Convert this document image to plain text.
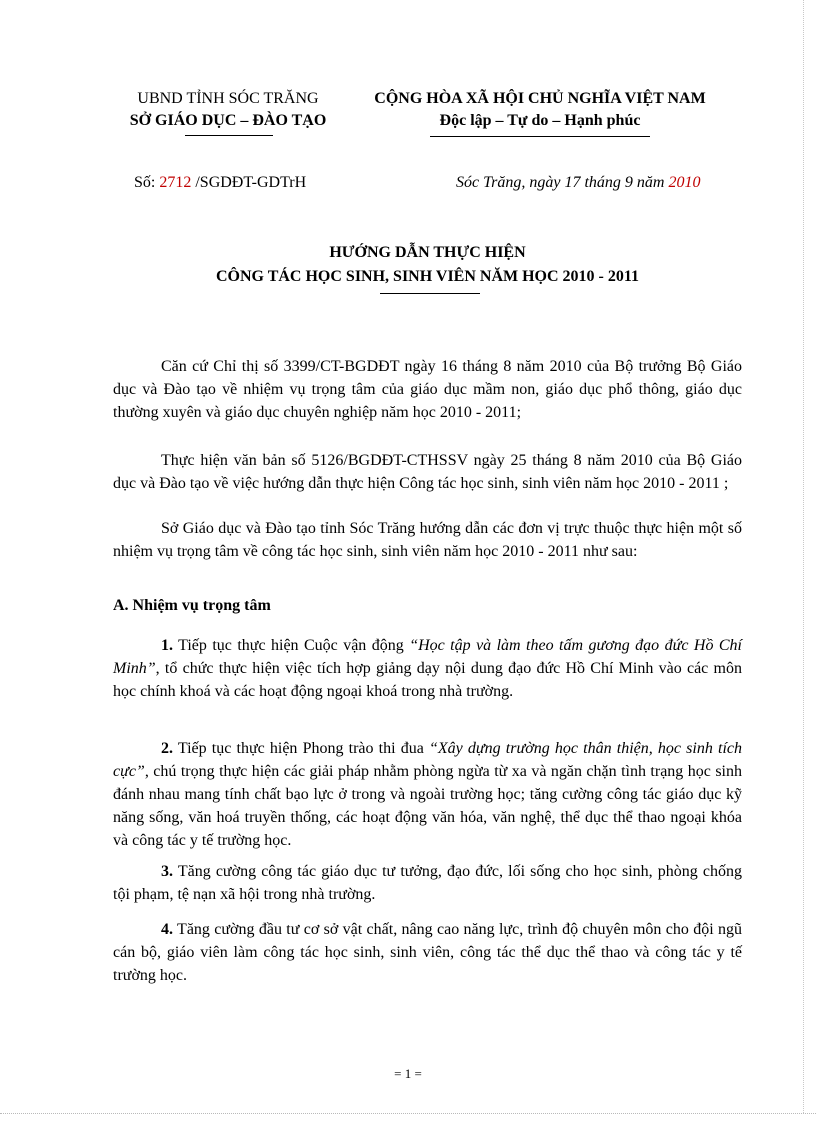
UBND TỈNH SÓC TRĂNG
SỞ GIÁO DỤC – ĐÀO TẠO
CỘNG HÒA XÃ HỘI CHỦ NGHĨA VIỆT NAM
Độc lập – Tự do – Hạnh phúc
Số: 2712 /SGDĐT-GDTrH	Sóc Trăng, ngày 17 tháng 9 năm 2010
HƯỚNG DẪN THỰC HIỆN
CÔNG TÁC HỌC SINH, SINH VIÊN NĂM HỌC 2010 - 2011
Căn cứ Chỉ thị số 3399/CT-BGDĐT ngày 16 tháng 8 năm 2010 của Bộ trưởng Bộ Giáo dục và Đào tạo về nhiệm vụ trọng tâm của giáo dục mầm non, giáo dục phổ thông, giáo dục thường xuyên và giáo dục chuyên nghiệp năm học 2010 - 2011;
Thực hiện văn bản số 5126/BGDĐT-CTHSSV ngày 25 tháng 8 năm 2010 của Bộ Giáo dục và Đào tạo về việc hướng dẫn thực hiện Công tác học sinh, sinh viên năm học 2010 - 2011 ;
Sở Giáo dục và Đào tạo tỉnh Sóc Trăng hướng dẫn các đơn vị trực thuộc thực hiện một số nhiệm vụ trọng tâm về công tác học sinh, sinh viên năm học 2010 - 2011 như sau:
A. Nhiệm vụ trọng tâm
1. Tiếp tục thực hiện Cuộc vận động “Học tập và làm theo tấm gương đạo đức Hồ Chí Minh”, tổ chức thực hiện việc tích hợp giảng dạy nội dung đạo đức Hồ Chí Minh vào các môn học chính khoá và các hoạt động ngoại khoá trong nhà trường.
2. Tiếp tục thực hiện Phong trào thi đua “Xây dựng trường học thân thiện, học sinh tích cực”, chú trọng thực hiện các giải pháp nhằm phòng ngừa từ xa và ngăn chặn tình trạng học sinh đánh nhau mang tính chất bạo lực ở trong và ngoài trường học; tăng cường công tác giáo dục kỹ năng sống, văn hoá truyền thống, các hoạt động văn hóa, văn nghệ, thể dục thể thao ngoại khóa và công tác y tế trường học.
3. Tăng cường công tác giáo dục tư tưởng, đạo đức, lối sống cho học sinh, phòng chống tội phạm, tệ nạn xã hội trong nhà trường.
4. Tăng cường đầu tư cơ sở vật chất, nâng cao năng lực, trình độ chuyên môn cho đội ngũ cán bộ, giáo viên làm công tác học sinh, sinh viên, công tác thể dục thể thao và công tác y tế trường học.
= 1 =
